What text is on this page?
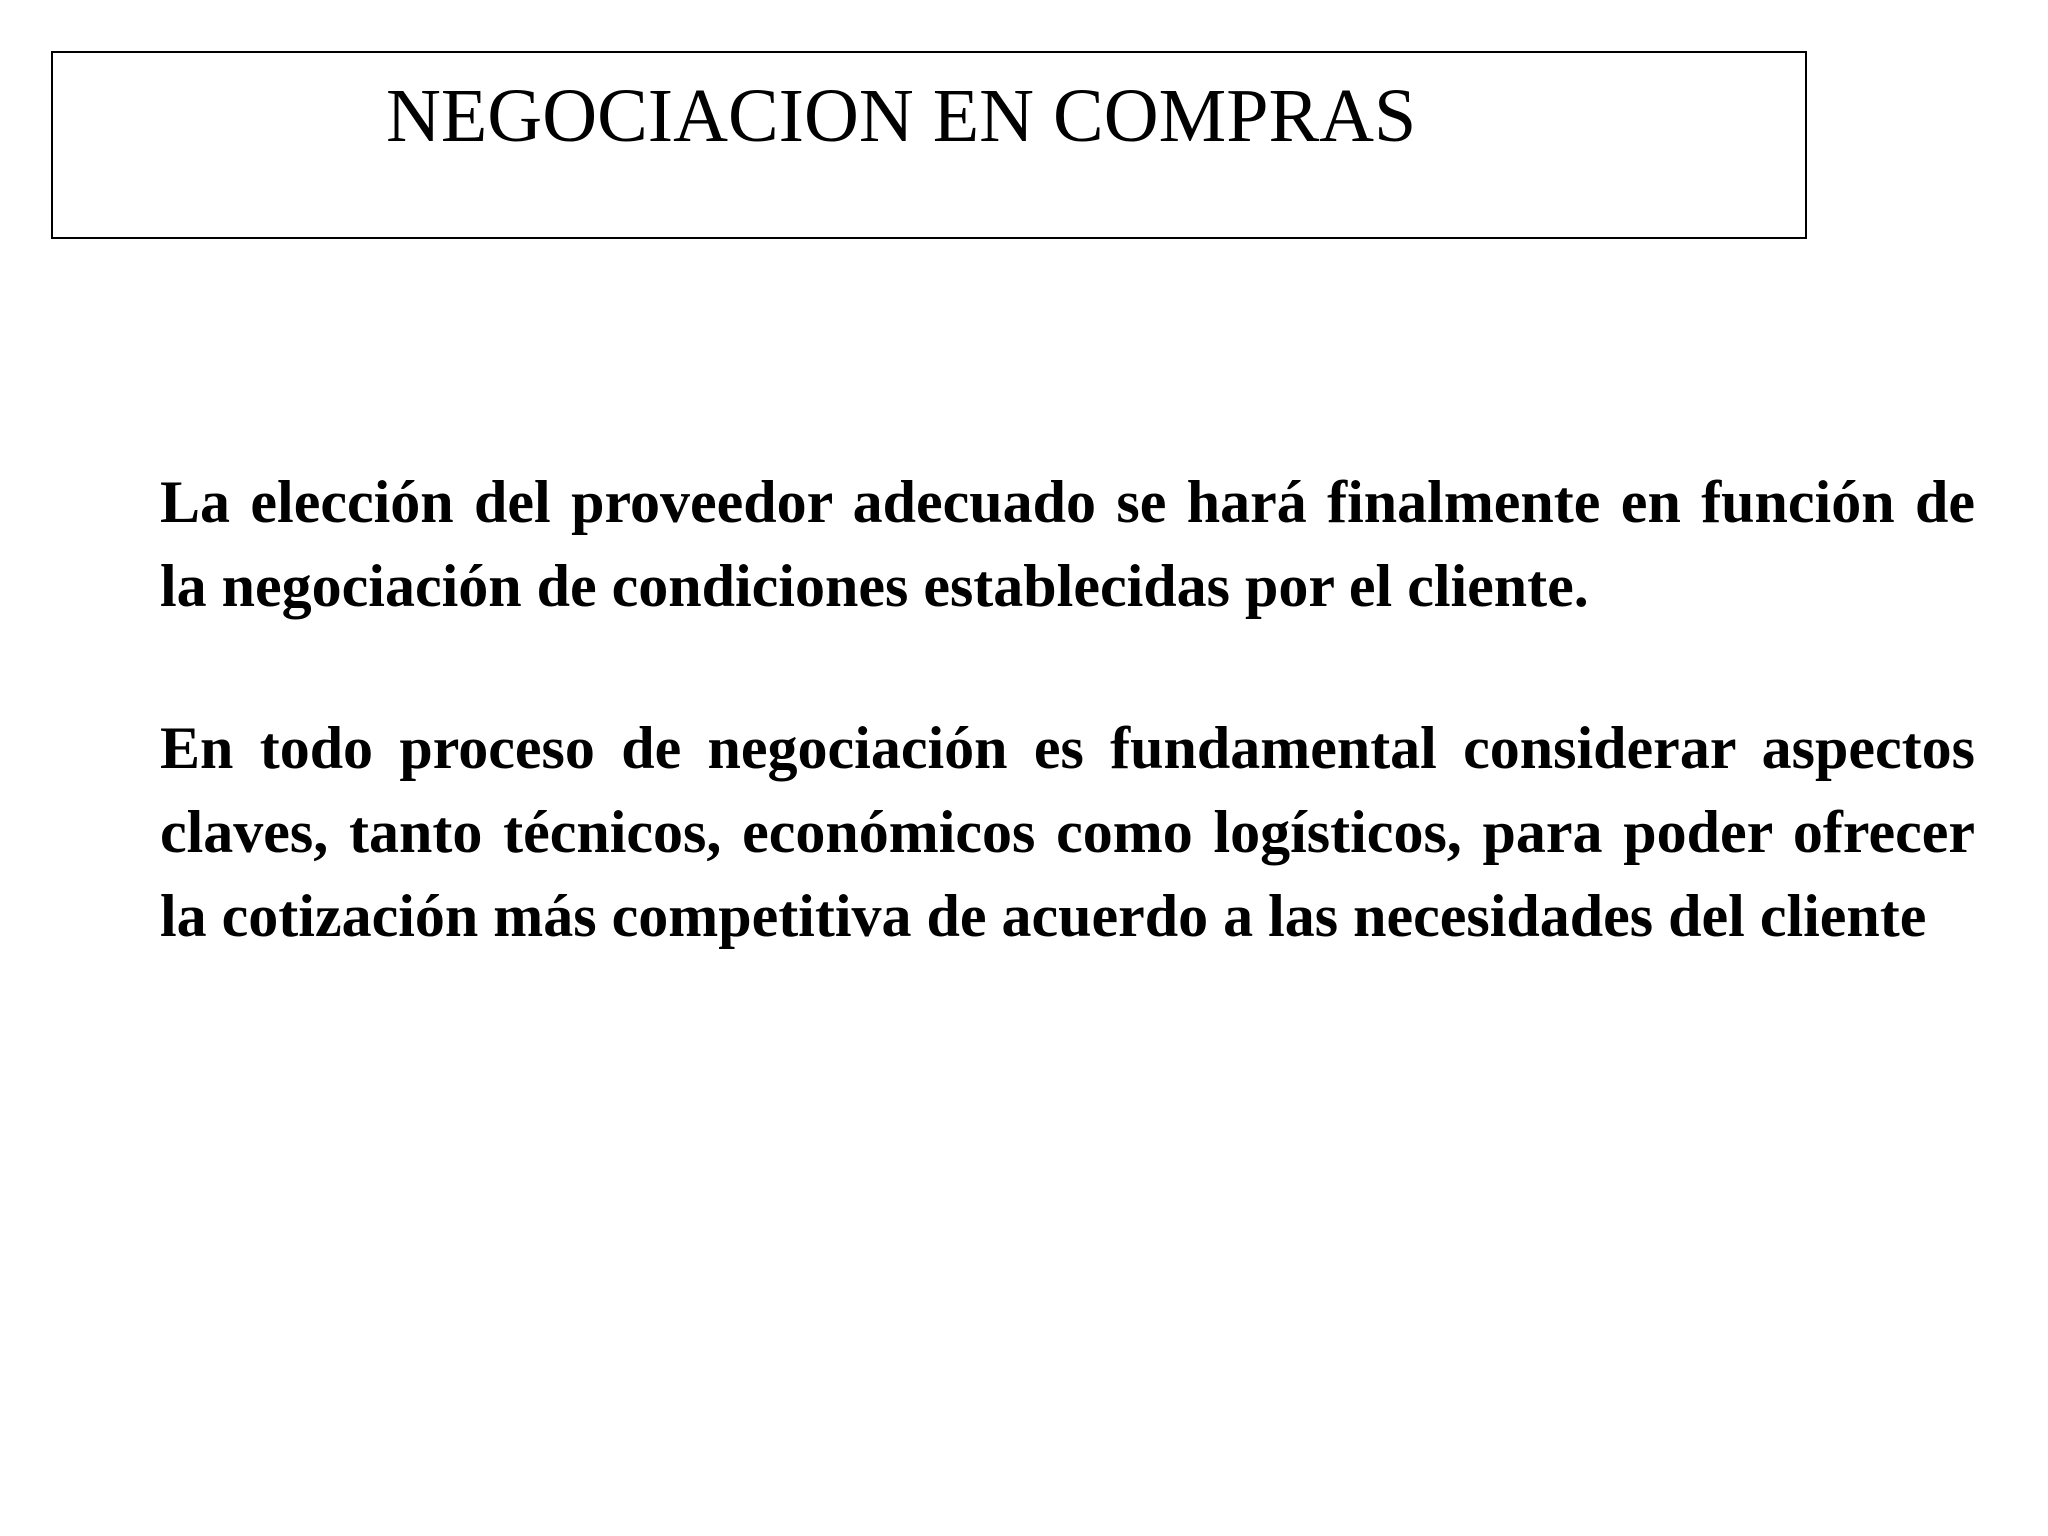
NEGOCIACION EN COMPRAS

La elección del proveedor adecuado se hará finalmente en función de la negociación de condiciones establecidas por el cliente.

En todo proceso de negociación es fundamental considerar aspectos claves, tanto técnicos, económicos como logísticos, para poder ofrecer la cotización más competitiva de acuerdo a las necesidades del cliente
